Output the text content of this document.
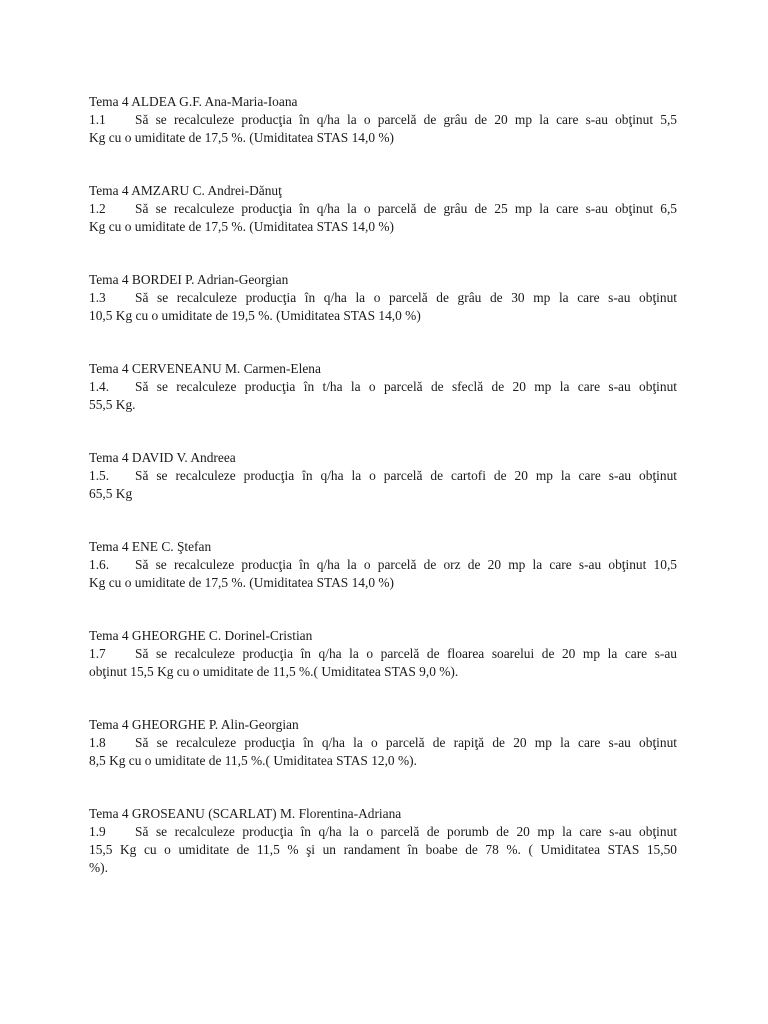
Tema 4 ALDEA G.F. Ana-Maria-Ioana
1.1 Să se recalculeze producţia în q/ha la o parcelă de grâu de 20 mp la care s-au obţinut 5,5
Kg cu o umiditate de 17,5 %. (Umiditatea STAS 14,0 %)
Tema 4 AMZARU C. Andrei-Dănuţ
1.2 Să se recalculeze producţia în q/ha la o parcelă de grâu de 25 mp la care s-au obţinut 6,5
Kg cu o umiditate de 17,5 %. (Umiditatea STAS 14,0 %)
Tema 4 BORDEI P. Adrian-Georgian
1.3 Să se recalculeze producţia în q/ha la o parcelă de grâu de 30 mp la care s-au obţinut
10,5 Kg cu o umiditate de 19,5 %. (Umiditatea STAS 14,0 %)
Tema 4 CERVENEANU M. Carmen-Elena
1.4. Să se recalculeze producţia în t/ha la o parcelă de sfeclă de 20 mp la care s-au obţinut
55,5 Kg.
Tema 4 DAVID V. Andreea
1.5. Să se recalculeze producţia în q/ha la o parcelă de cartofi de 20 mp la care s-au obţinut
65,5 Kg
Tema 4 ENE C. Ştefan
1.6. Să se recalculeze producţia în q/ha la o parcelă de orz de 20 mp la care s-au obţinut 10,5
Kg cu o umiditate de 17,5 %. (Umiditatea STAS 14,0 %)
Tema 4 GHEORGHE C. Dorinel-Cristian
1.7 Să se recalculeze producţia în q/ha la o parcelă de floarea soarelui de 20 mp la care s-au
obţinut 15,5 Kg cu o umiditate de 11,5 %.( Umiditatea STAS 9,0 %).
Tema 4 GHEORGHE P. Alin-Georgian
1.8 Să se recalculeze producţia în q/ha la o parcelă de rapiţă de 20 mp la care s-au obţinut
8,5 Kg cu o umiditate de 11,5 %.( Umiditatea STAS 12,0 %).
Tema 4 GROSEANU (SCARLAT) M. Florentina-Adriana
1.9 Să se recalculeze producţia în q/ha la o parcelă de porumb de 20 mp la care s-au obţinut
15,5 Kg cu o umiditate de 11,5 % şi un randament în boabe de 78 %. ( Umiditatea STAS 15,50
%).
